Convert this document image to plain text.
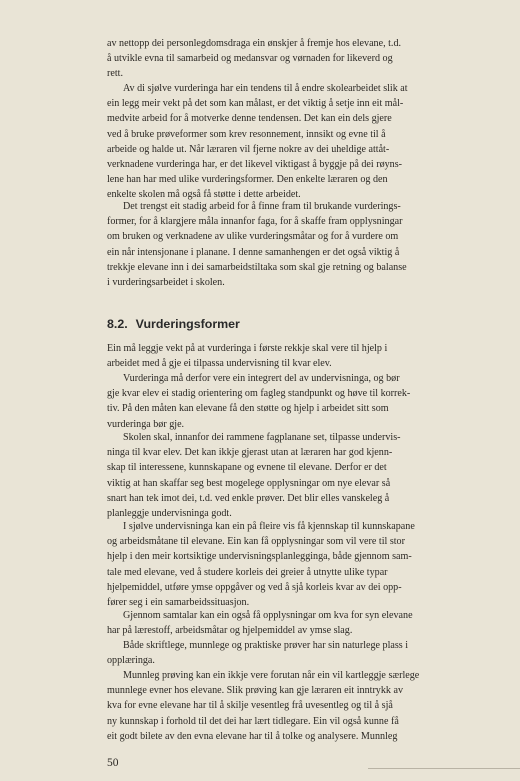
av nettopp dei personlegdomsdraga ein ønskjer å fremje hos elevane, t.d.
å utvikle evna til samarbeid og medansvar og vørnaden for likeverd og
rett.

Av di sjølve vurderinga har ein tendens til å endre skolearbeidet slik at
ein legg meir vekt på det som kan målast, er det viktig å setje inn eit mål-
medvite arbeid for å motverke denne tendensen. Det kan ein dels gjere
ved å bruke prøveformer som krev resonnement, innsikt og evne til å
arbeide og halde ut. Når læraren vil fjerne nokre av dei uheldige attåt-
verknadene vurderinga har, er det likevel viktigast å byggje på dei røyns-
lene han har med ulike vurderingsformer. Den enkelte læraren og den
enkelte skolen må også få støtte i dette arbeidet.

Det trengst eit stadig arbeid for å finne fram til brukande vurderings-
former, for å klargjere måla innanfor faga, for å skaffe fram opplysningar
om bruken og verknadene av ulike vurderingsmåtar og for å vurdere om
ein når intensjonane i planane. I denne samanhengen er det også viktig å
trekkje elevane inn i dei samarbeidstiltaka som skal gje retning og balanse
i vurderingsarbeidet i skolen.

8.2. Vurderingsformer

Ein må leggje vekt på at vurderinga i første rekkje skal vere til hjelp i
arbeidet med å gje ei tilpassa undervisning til kvar elev.

Vurderinga må derfor vere ein integrert del av undervisninga, og bør
gje kvar elev ei stadig orientering om fagleg standpunkt og høve til korrek-
tiv. På den måten kan elevane få den støtte og hjelp i arbeidet sitt som
vurderinga bør gje.

Skolen skal, innanfor dei rammene fagplanane set, tilpasse undervis-
ninga til kvar elev. Det kan ikkje gjerast utan at læraren har god kjenn-
skap til interessene, kunnskapane og evnene til elevane. Derfor er det
viktig at han skaffar seg best mogelege opplysningar om nye elevar så
snart han tek imot dei, t.d. ved enkle prøver. Det blir elles vanskeleg å
planleggje undervisninga godt.

I sjølve undervisninga kan ein på fleire vis få kjennskap til kunnskapane
og arbeidsmåtane til elevane. Ein kan få opplysningar som vil vere til stor
hjelp i den meir kortsiktige undervisningsplanlegginga, både gjennom sam-
tale med elevane, ved å studere korleis dei greier å utnytte ulike typar
hjelpemiddel, utføre ymse oppgåver og ved å sjå korleis kvar av dei opp-
fører seg i ein samarbeidssituasjon.

Gjennom samtalar kan ein også få opplysningar om kva for syn elevane
har på lærestoff, arbeidsmåtar og hjelpemiddel av ymse slag.

Både skriftlege, munnlege og praktiske prøver har sin naturlege plass i
opplæringa.

Munnleg prøving kan ein ikkje vere forutan når ein vil kartleggje særlege
munnlege evner hos elevane. Slik prøving kan gje læraren eit inntrykk av
kva for evne elevane har til å skilje vesentleg frå uvesentleg og til å sjå
ny kunnskap i forhold til det dei har lært tidlegare. Ein vil også kunne få
eit godt bilete av den evna elevane har til å tolke og analysere. Munnleg

50
